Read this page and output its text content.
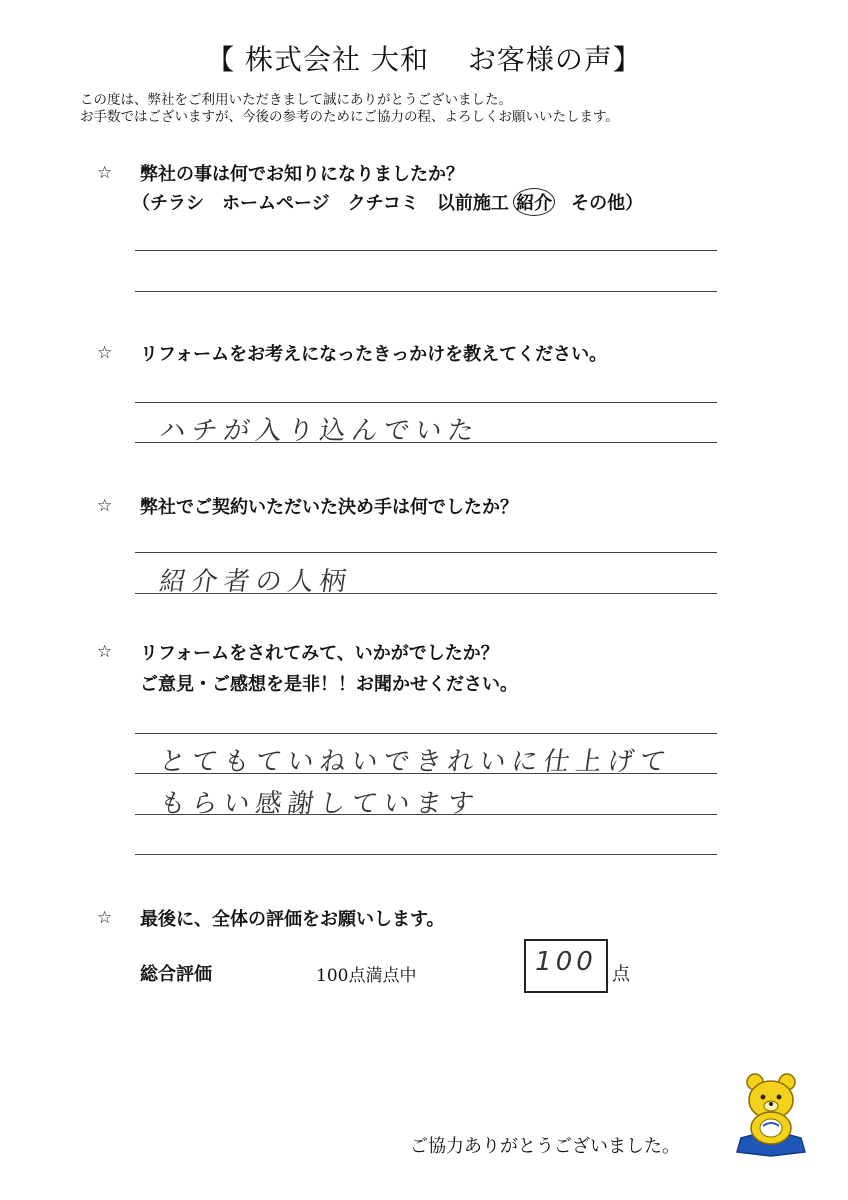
【 株式会社 大和　 お客様の声】
この度は、弊社をご利用いただきまして誠にありがとうございました。
お手数ではございますが、今後の参考のためにご協力の程、よろしくお願いいたします。
☆ 弊社の事は何でお知りになりましたか？
（チラシ　ホームページ　クチコミ　以前施工 紹介　その他）
☆ リフォームをお考えになったきっかけを教えてください。
ハチが入り込んでいた
☆ 弊社でご契約いただいた決め手は何でしたか？
紹介者の人柄
☆ リフォームをされてみて、いかがでしたか？
ご意見・ご感想を是非！！お聞かせください。
とてもていねいできれいに仕上げて
もらい感謝しています
☆ 最後に、全体の評価をお願いします。
総合評価	100点満点中	100 点
ご協力ありがとうございました。
